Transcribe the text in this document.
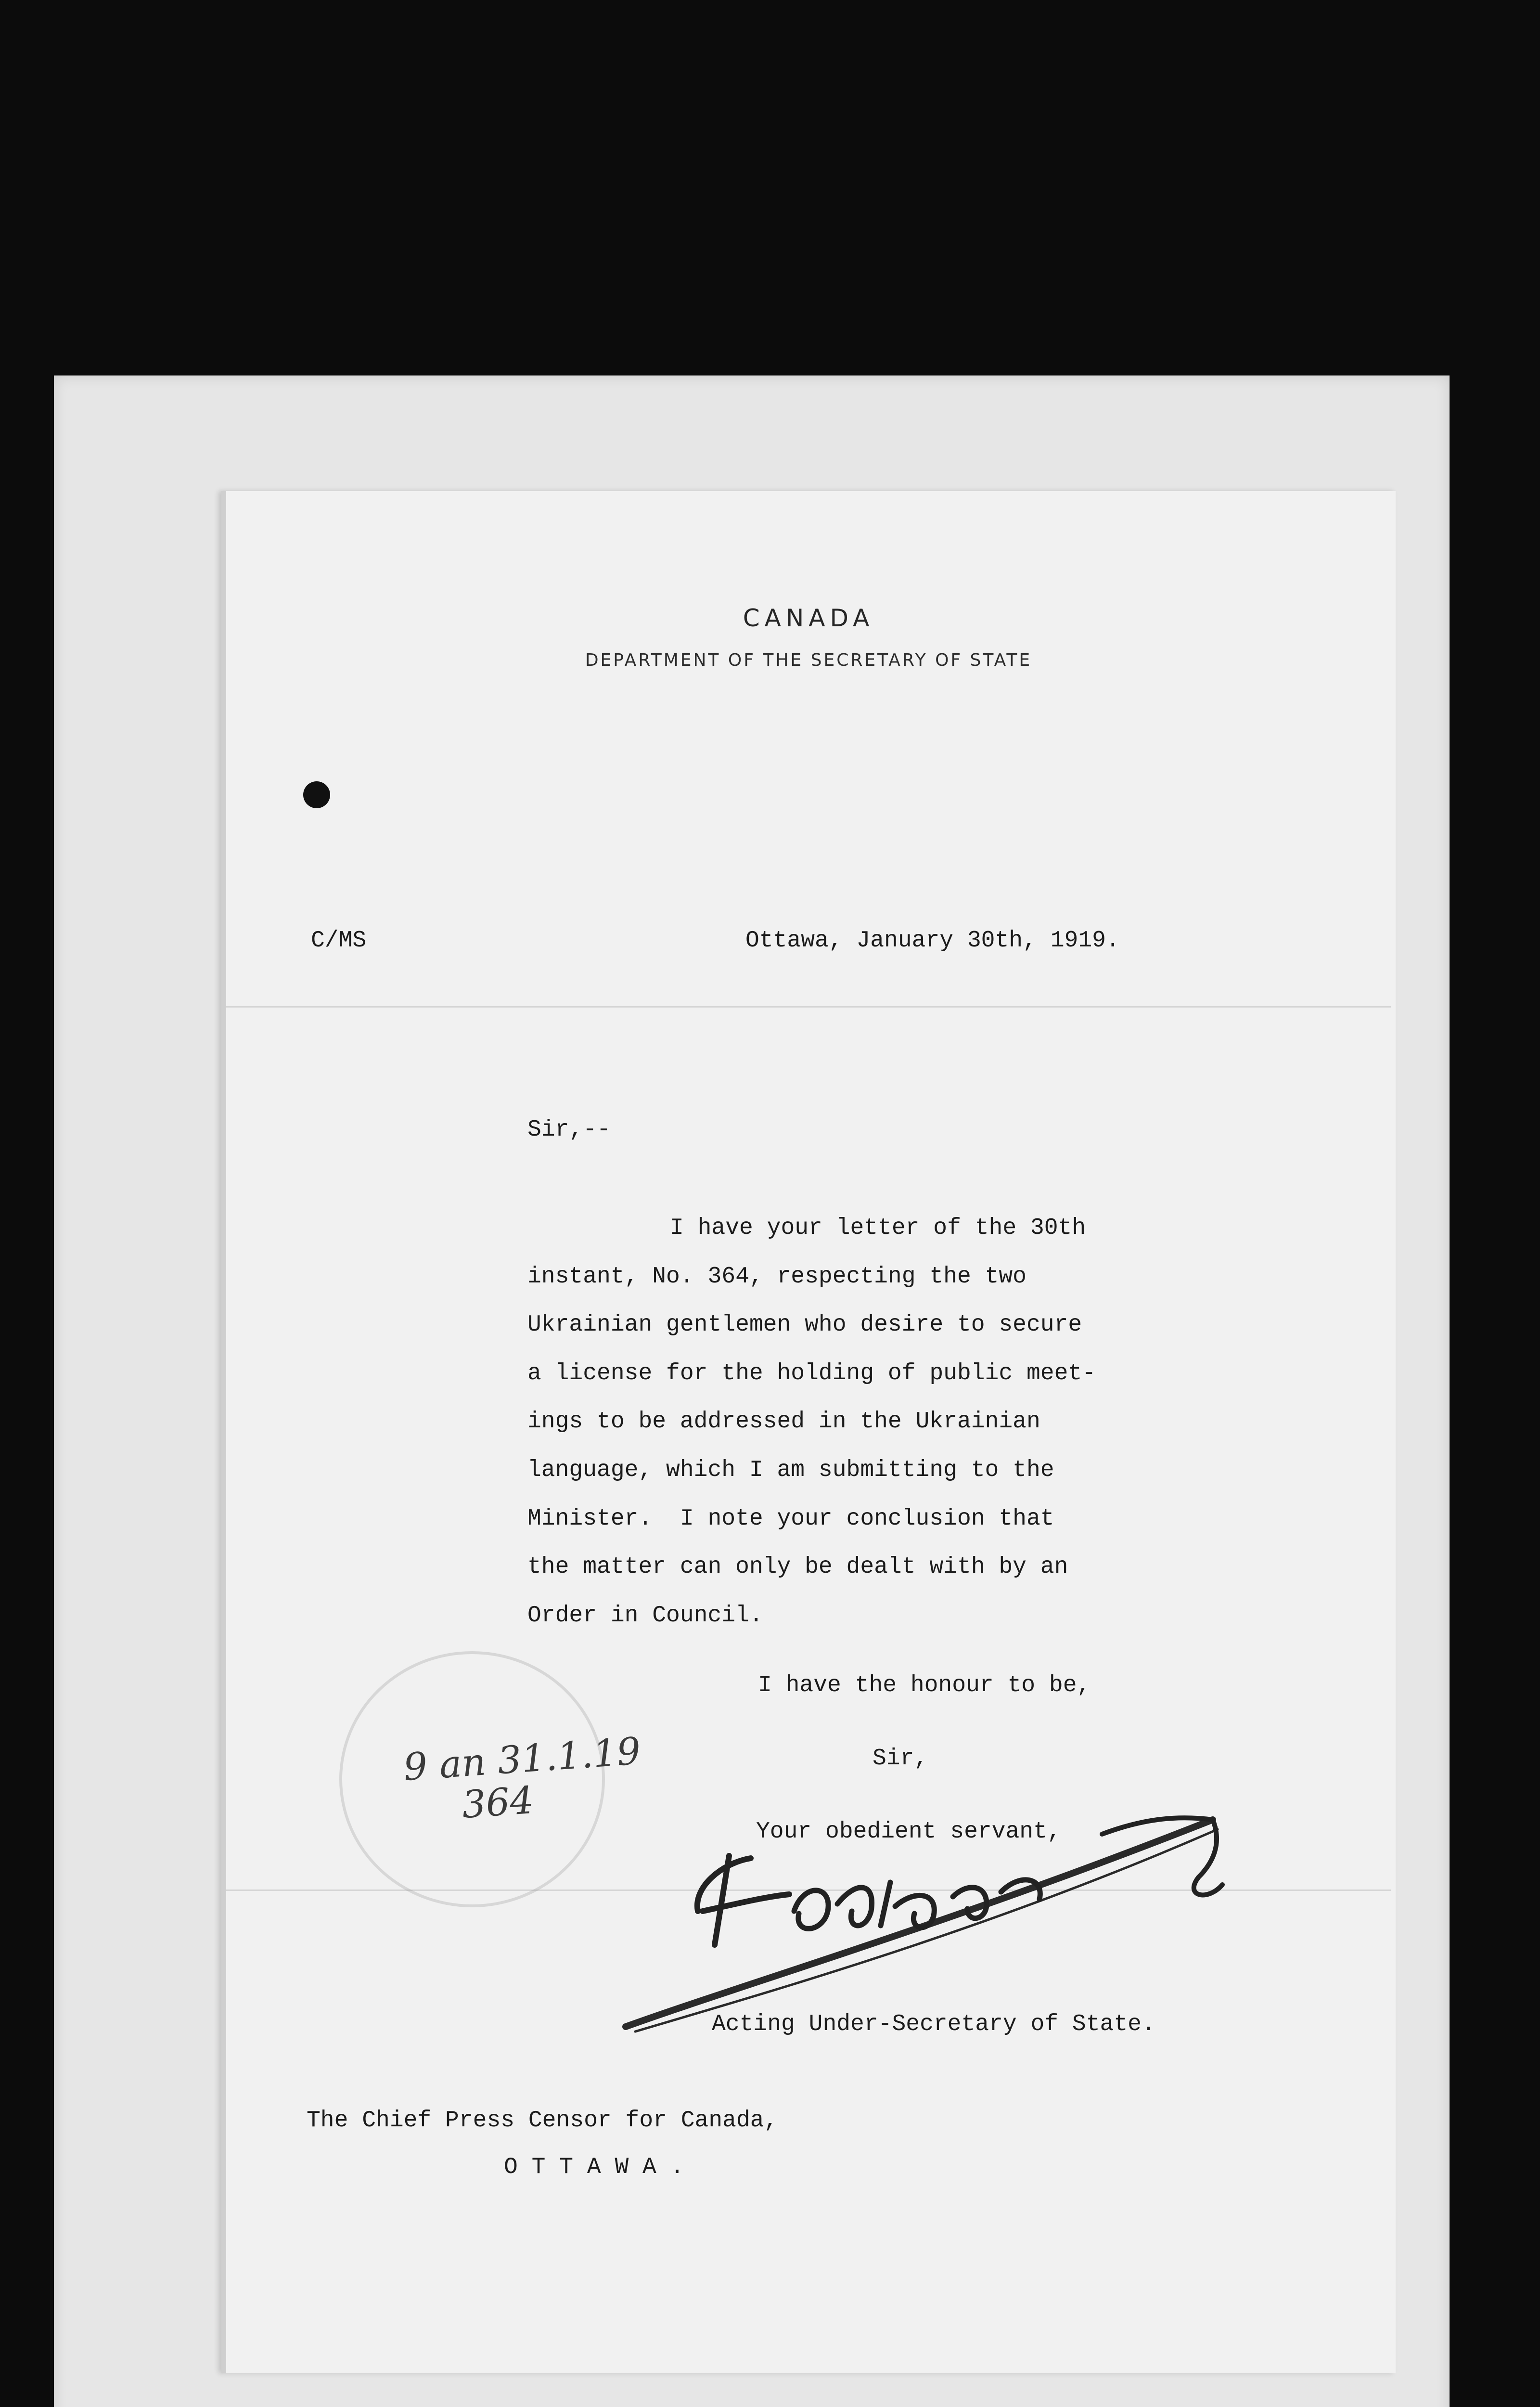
CANADA
DEPARTMENT OF THE SECRETARY OF STATE
C/MS	Ottawa, January 30th, 1919.
Sir,--
I have your letter of the 30th
instant, No. 364, respecting the two
Ukrainian gentlemen who desire to secure
a license for the holding of public meet-
ings to be addressed in the Ukrainian
language, which I am submitting to the
Minister.  I note your conclusion that
the matter can only be dealt with by an
Order in Council.
I have the honour to be,
Sir,
Your obedient servant,
9 an 31.1.19
364
Acting Under-Secretary of State.
The Chief Press Censor for Canada,
O T T A W A .
